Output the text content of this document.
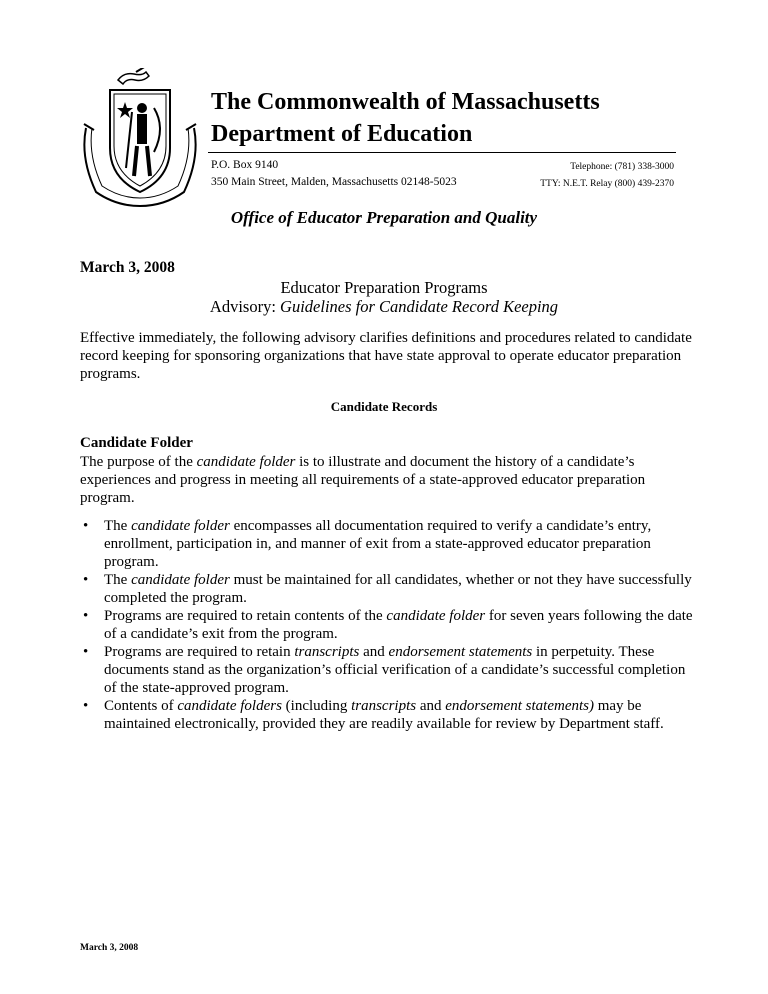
The Commonwealth of Massachusetts
Department of Education
P.O. Box 9140
350 Main Street, Malden, Massachusetts 02148-5023
Telephone: (781) 338-3000
TTY: N.E.T. Relay (800) 439-2370
Office of Educator Preparation and Quality
March 3, 2008
Educator Preparation Programs
Advisory: Guidelines for Candidate Record Keeping
Effective immediately, the following advisory clarifies definitions and procedures related to candidate record keeping for sponsoring organizations that have state approval to operate educator preparation programs.
Candidate Records
Candidate Folder
The purpose of the candidate folder is to illustrate and document the history of a candidate’s experiences and progress in meeting all requirements of a state-approved educator preparation program.
• The candidate folder encompasses all documentation required to verify a candidate’s entry, enrollment, participation in, and manner of exit from a state-approved educator preparation program.
• The candidate folder must be maintained for all candidates, whether or not they have successfully completed the program.
• Programs are required to retain contents of the candidate folder for seven years following the date of a candidate’s exit from the program.
• Programs are required to retain transcripts and endorsement statements in perpetuity. These documents stand as the organization’s official verification of a candidate’s successful completion of the state-approved program.
• Contents of candidate folders (including transcripts and endorsement statements) may be maintained electronically, provided they are readily available for review by Department staff.
March 3, 2008
